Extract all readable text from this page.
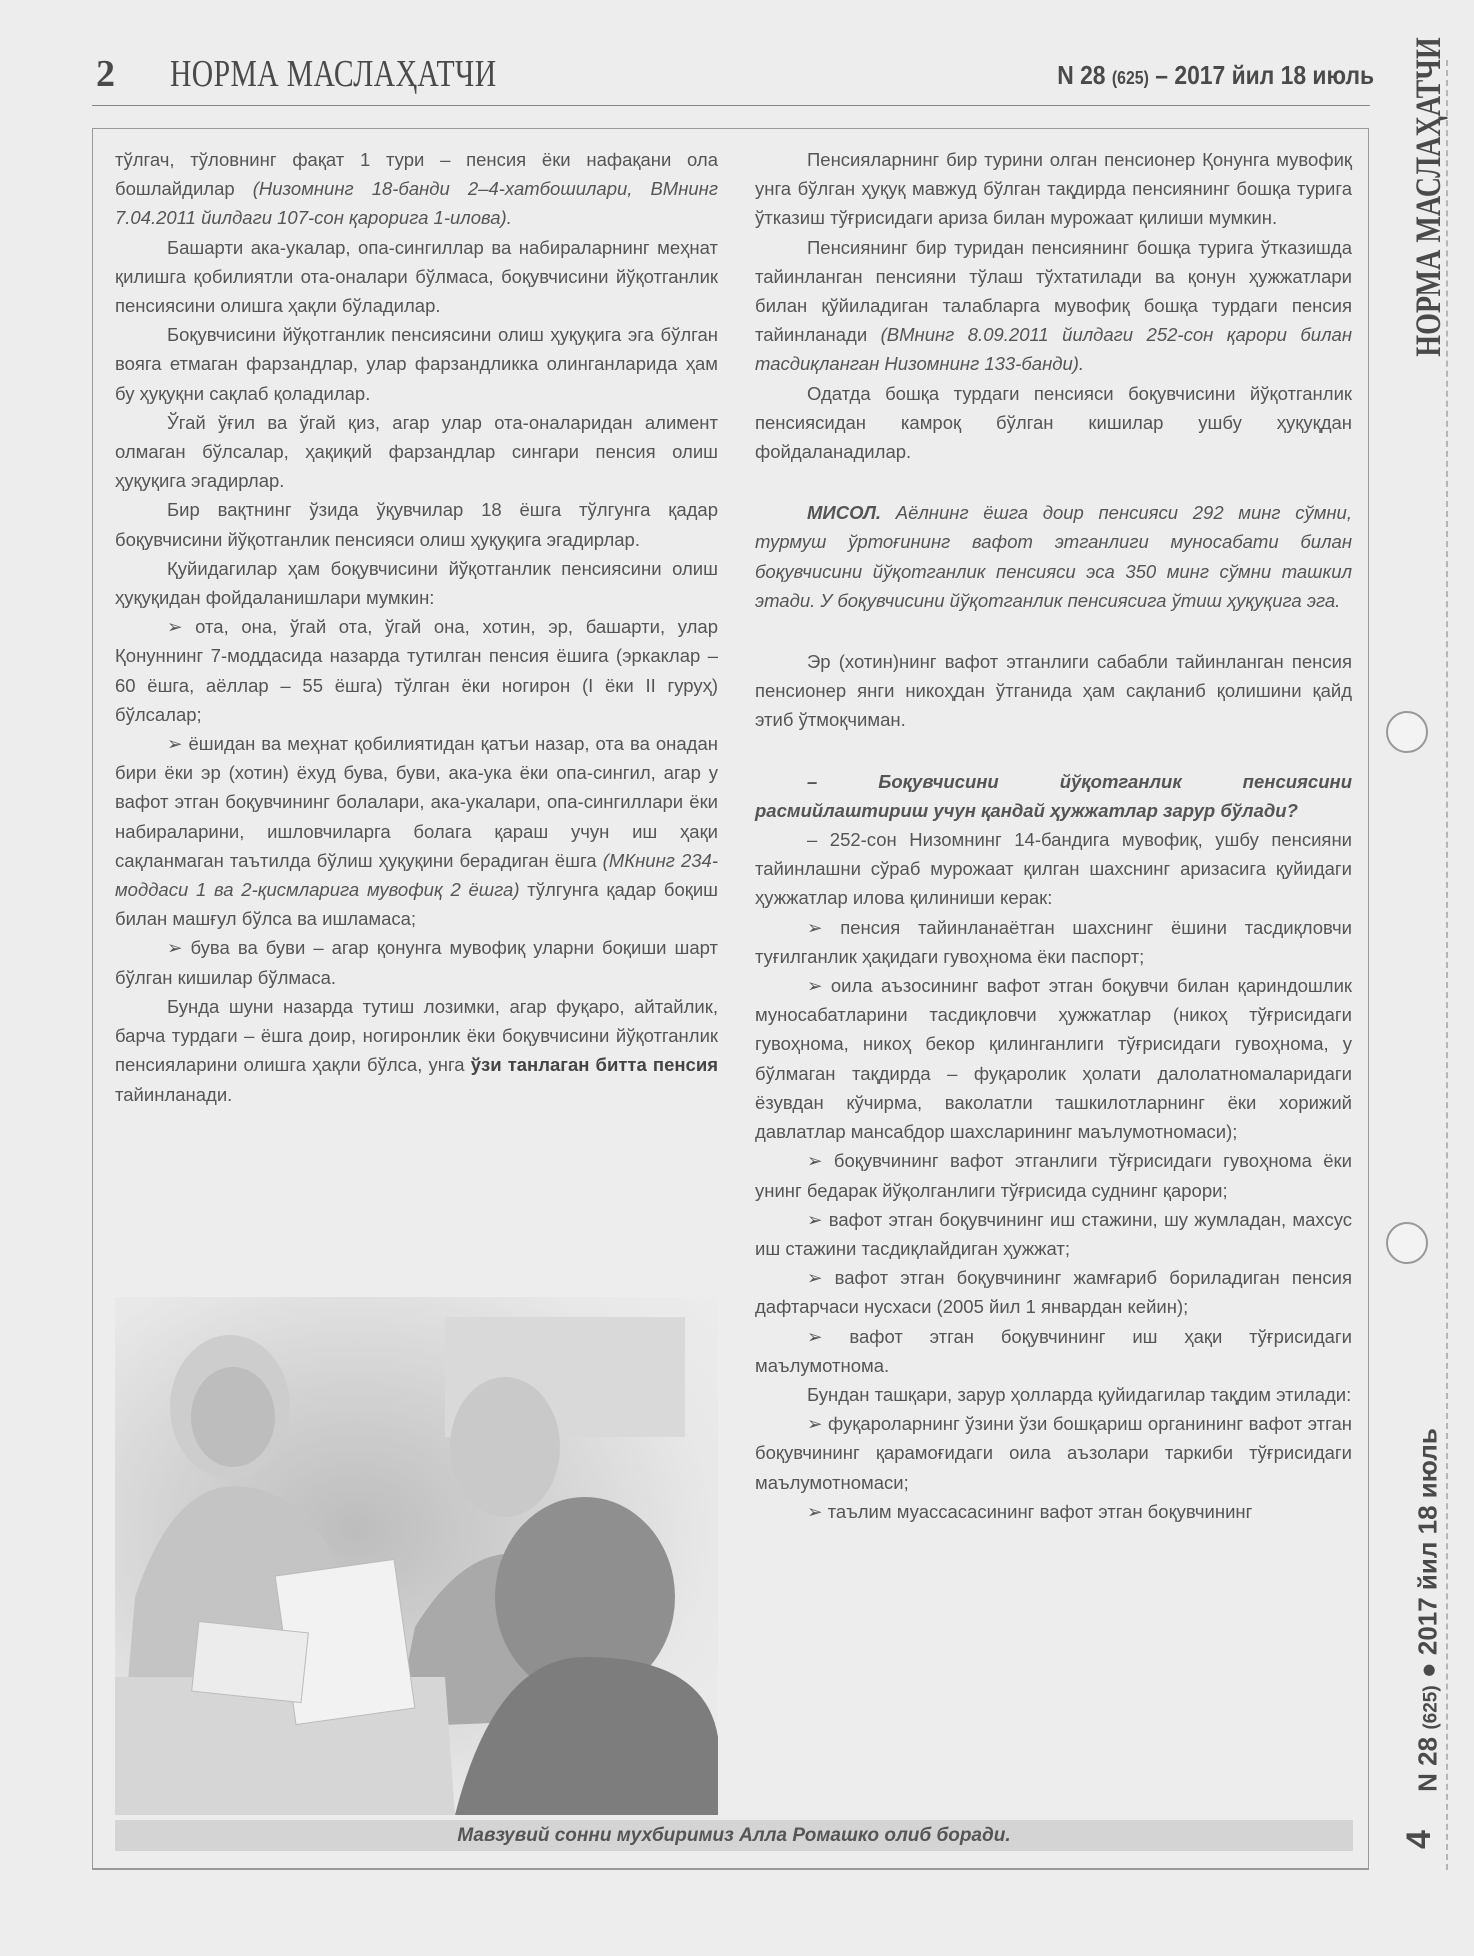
2 НОРМА МАСЛАҲАТЧИ	N 28 (625) – 2017 йил 18 июль

тўлгач, тўловнинг фақат 1 тури – пенсия ёки нафақани ола бошлайдилар (Низомнинг 18-банди 2–4-хатбошилари, ВМнинг 7.04.2011 йилдаги 107-сон қарорига 1-илова).

Башарти ака-укалар, опа-сингиллар ва набираларнинг меҳнат қилишга қобилиятли ота-оналари бўлмаса, боқувчисини йўқотганлик пенсиясини олишга ҳақли бўладилар.

Боқувчисини йўқотганлик пенсиясини олиш ҳуқуқига эга бўлган вояга етмаган фарзандлар, улар фарзандликка олинганларида ҳам бу ҳуқуқни сақлаб қоладилар.

Ўгай ўғил ва ўгай қиз, агар улар ота-оналаридан алимент олмаган бўлсалар, ҳақиқий фарзандлар сингари пенсия олиш ҳуқуқига эгадирлар.

Бир вақтнинг ўзида ўқувчилар 18 ёшга тўлгунга қадар боқувчисини йўқотганлик пенсияси олиш ҳуқуқига эгадирлар.

Қуйидагилар ҳам боқувчисини йўқотганлик пенсиясини олиш ҳуқуқидан фойдаланишлари мумкин:

➢ ота, она, ўгай ота, ўгай она, хотин, эр, башарти, улар Қонуннинг 7-моддасида назарда тутилган пенсия ёшига (эркаклар – 60 ёшга, аёллар – 55 ёшга) тўлган ёки ногирон (I ёки II гуруҳ) бўлсалар;

➢ ёшидан ва меҳнат қобилиятидан қатъи назар, ота ва онадан бири ёки эр (хотин) ёхуд бува, буви, ака-ука ёки опа-сингил, агар у вафот этган боқувчининг болалари, ака-укалари, опа-сингиллари ёки набираларини, ишловчиларга болага қараш учун иш ҳақи сақланмаган таътилда бўлиш ҳуқуқини берадиган ёшга (МКнинг 234-моддаси 1 ва 2-қисмларига мувофиқ 2 ёшга) тўлгунга қадар боқиш билан машғул бўлса ва ишламаса;

➢ бува ва буви – агар қонунга мувофиқ уларни боқиши шарт бўлган кишилар бўлмаса.

Бунда шуни назарда тутиш лозимки, агар фуқаро, айтайлик, барча турдаги – ёшга доир, ногиронлик ёки боқувчисини йўқотганлик пенсияларини олишга ҳақли бўлса, унга ўзи танлаган битта пенсия тайинланади.

Пенсияларнинг бир турини олган пенсионер Қонунга мувофиқ унга бўлган ҳуқуқ мавжуд бўлган тақдирда пенсиянинг бошқа турига ўтказиш тўғрисидаги ариза билан мурожаат қилиши мумкин.

Пенсиянинг бир туридан пенсиянинг бошқа турига ўтказишда тайинланган пенсияни тўлаш тўхтатилади ва қонун ҳужжатлари билан қўйиладиган талабларга мувофиқ бошқа турдаги пенсия тайинланади (ВМнинг 8.09.2011 йилдаги 252-сон қарори билан тасдиқланган Низомнинг 133-банди).

Одатда бошқа турдаги пенсияси боқувчисини йўқотганлик пенсиясидан камроқ бўлган кишилар ушбу ҳуқуқдан фойдаланадилар.

МИСОЛ. Аёлнинг ёшга доир пенсияси 292 минг сўмни, турмуш ўртоғининг вафот этганлиги муносабати билан боқувчисини йўқотганлик пенсияси эса 350 минг сўмни ташкил этади. У боқувчисини йўқотганлик пенсиясига ўтиш ҳуқуқига эга.

Эр (хотин)нинг вафот этганлиги сабабли тайинланган пенсия пенсионер янги никоҳдан ўтганида ҳам сақланиб қолишини қайд этиб ўтмоқчиман.

– Боқувчисини йўқотганлик пенсиясини расмийлаштириш учун қандай ҳужжатлар зарур бўлади?

– 252-сон Низомнинг 14-бандига мувофиқ, ушбу пенсияни тайинлашни сўраб мурожаат қилган шахснинг аризасига қуйидаги ҳужжатлар илова қилиниши керак:

➢ пенсия тайинланаётган шахснинг ёшини тасдиқловчи туғилганлик ҳақидаги гувоҳнома ёки паспорт;

➢ оила аъзосининг вафот этган боқувчи билан қариндошлик муносабатларини тасдиқловчи ҳужжатлар (никоҳ тўғрисидаги гувоҳнома, никоҳ бекор қилинганлиги тўғрисидаги гувоҳнома, у бўлмаган тақдирда – фуқаролик ҳолати далолатномаларидаги ёзувдан кўчирма, ваколатли ташкилотларнинг ёки хорижий давлатлар мансабдор шахсларининг маълумотномаси);

➢ боқувчининг вафот этганлиги тўғрисидаги гувоҳнома ёки унинг бедарак йўқолганлиги тўғрисида суднинг қарори;

➢ вафот этган боқувчининг иш стажини, шу жумладан, махсус иш стажини тасдиқлайдиган ҳужжат;

➢ вафот этган боқувчининг жамғариб бориладиган пенсия дафтарчаси нусхаси (2005 йил 1 январдан кейин);

➢ вафот этган боқувчининг иш ҳақи тўғрисидаги маълумотнома.

Бундан ташқари, зарур ҳолларда қуйидагилар тақдим этилади:

➢ фуқароларнинг ўзини ўзи бошқариш органининг вафот этган боқувчининг қарамоғидаги оила аъзолари таркиби тўғрисидаги маълумотномаси;

➢ таълим муассасасининг вафот этган боқувчининг

Мавзувий сонни мухбиримиз Алла Ромашко олиб боради.
НОРМА МАСЛАҲАТЧИ
N 28 (625) ● 2017 йил 18 июль
4
